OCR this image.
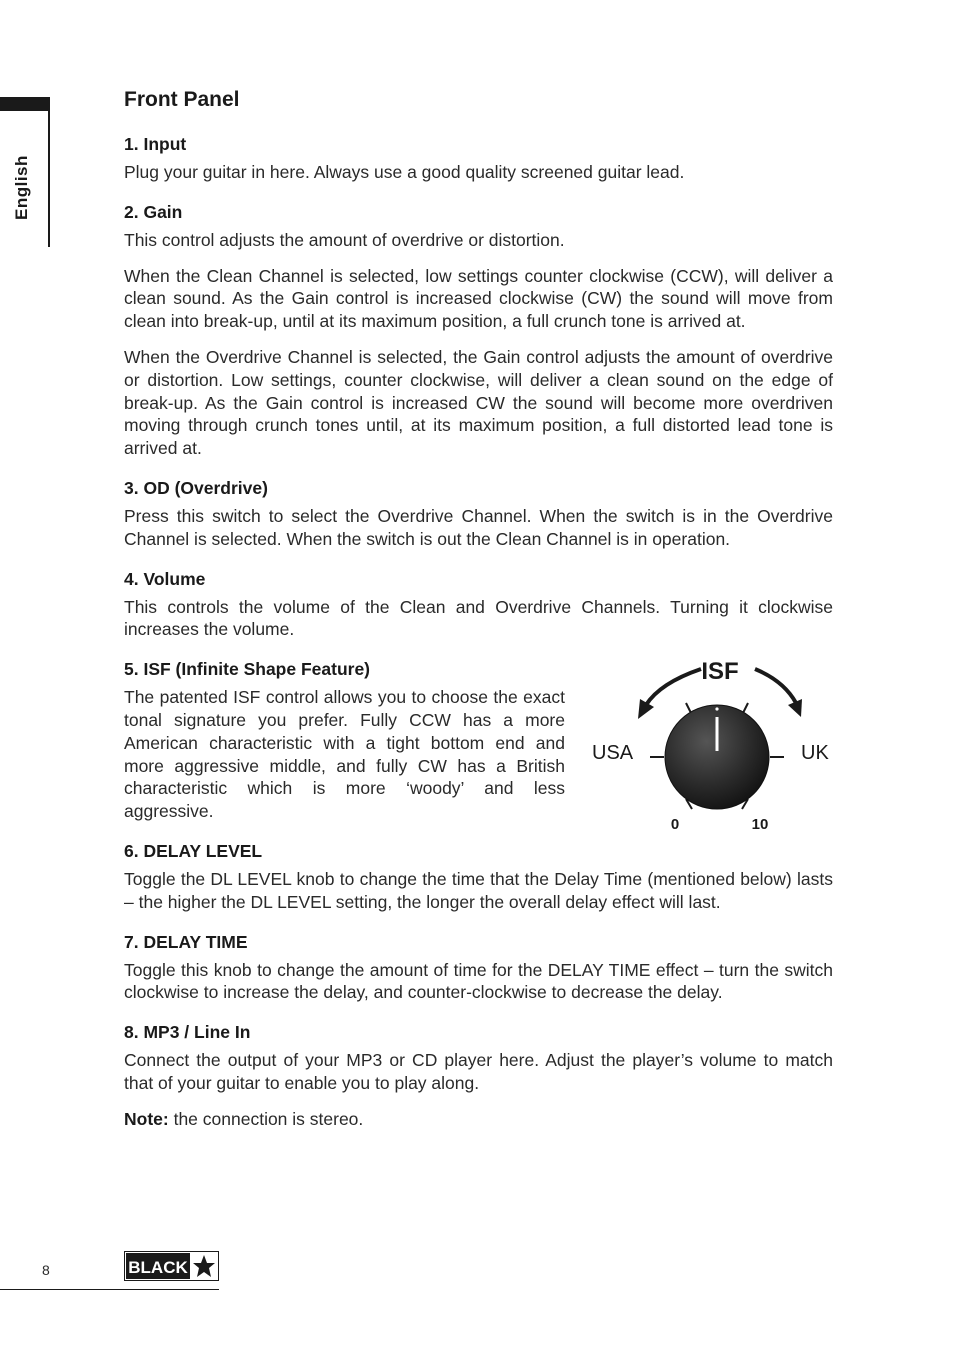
English
Front Panel
1. Input

Plug your guitar in here. Always use a good quality screened guitar lead.

2. Gain

This control adjusts the amount of overdrive or distortion.

When the Clean Channel is selected, low settings counter clockwise (CCW), will deliver a clean sound. As the Gain control is increased clockwise (CW) the sound will move from clean into break-up, until at its maximum position, a full crunch tone is arrived at.

When the Overdrive Channel is selected, the Gain control adjusts the amount of overdrive or distortion. Low settings, counter clockwise, will deliver a clean sound on the edge of break-up. As the Gain control is increased CW the sound will become more overdriven moving through crunch tones until, at its maximum position, a full distorted lead tone is arrived at.

3. OD (Overdrive)

Press this switch to select the Overdrive Channel. When the switch is in the Overdrive Channel is selected. When the switch is out the Clean Channel is in operation.

4. Volume

This controls the volume of the Clean and Overdrive Channels. Turning it clockwise increases the volume.

5. ISF (Infinite Shape Feature)

The patented ISF control allows you to choose the exact tonal signature you prefer. Fully CCW has a more American characteristic with a tight bottom end and more aggressive middle, and fully CW has a British characteristic which is more ‘woody’ and less aggressive.

ISF
USA	UK
0	10
6. DELAY LEVEL

Toggle the DL LEVEL knob to change the time that the Delay Time (mentioned below) lasts – the higher the DL LEVEL setting, the longer the overall delay effect will last.

7. DELAY TIME

Toggle this knob to change the amount of time for the DELAY TIME effect – turn the switch clockwise to increase the delay, and counter-clockwise to decrease the delay.

8. MP3 / Line In

Connect the output of your MP3 or CD player here. Adjust the player’s volume to match that of your guitar to enable you to play along.

Note: the connection is stereo.

8	BLACK
